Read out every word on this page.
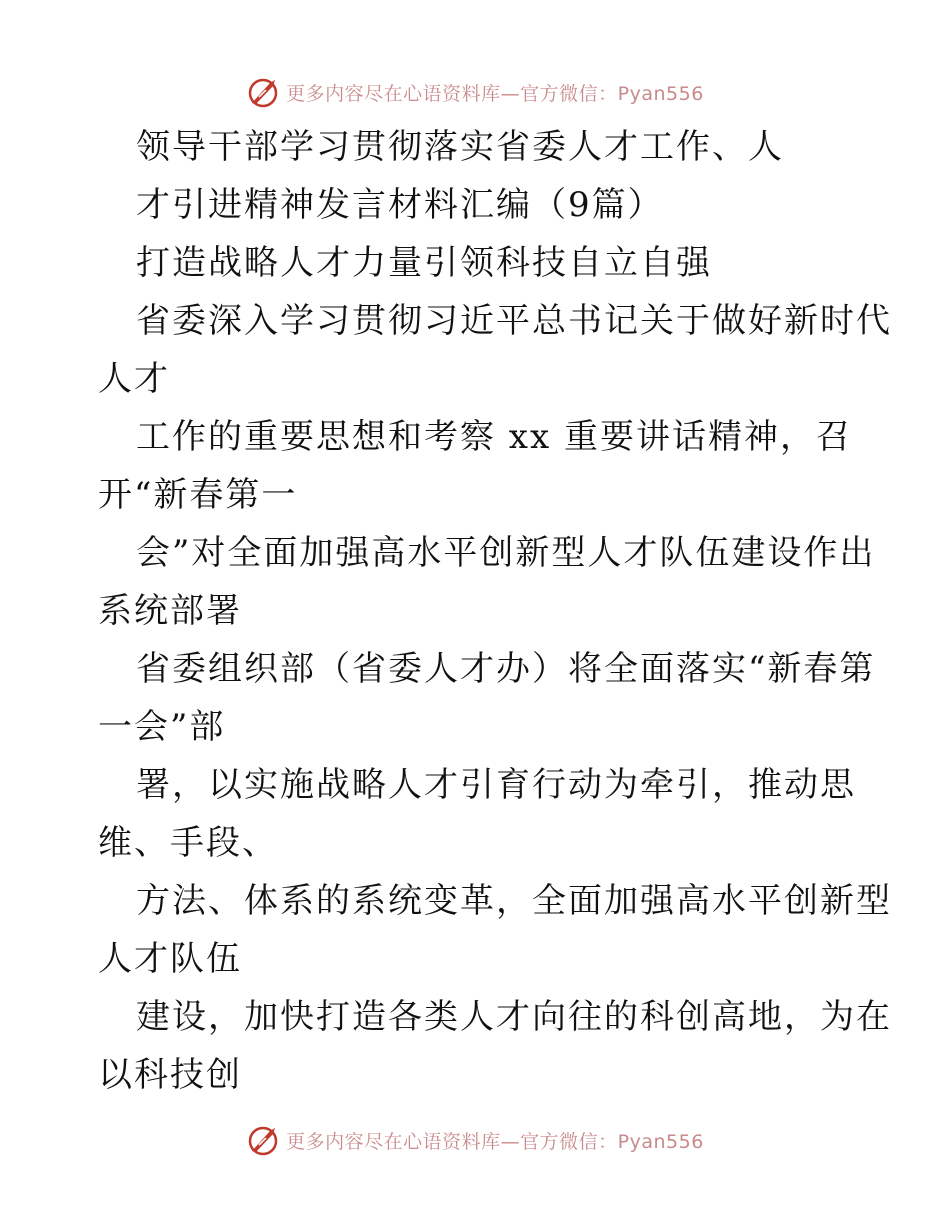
更多内容尽在心语资料库—官方微信：Pyan556
领导干部学习贯彻落实省委人才工作、人
才引进精神发言材料汇编（9篇）
打造战略人才力量引领科技自立自强
省委深入学习贯彻习近平总书记关于做好新时代
人才
工作的重要思想和考察 xx 重要讲话精神，召
开“新春第一
会”对全面加强高水平创新型人才队伍建设作出
系统部署
省委组织部（省委人才办）将全面落实“新春第
一会”部
署，以实施战略人才引育行动为牵引，推动思
维、手段、
方法、体系的系统变革，全面加强高水平创新型
人才队伍
建设，加快打造各类人才向往的科创高地，为在
以科技创
更多内容尽在心语资料库—官方微信：Pyan556
